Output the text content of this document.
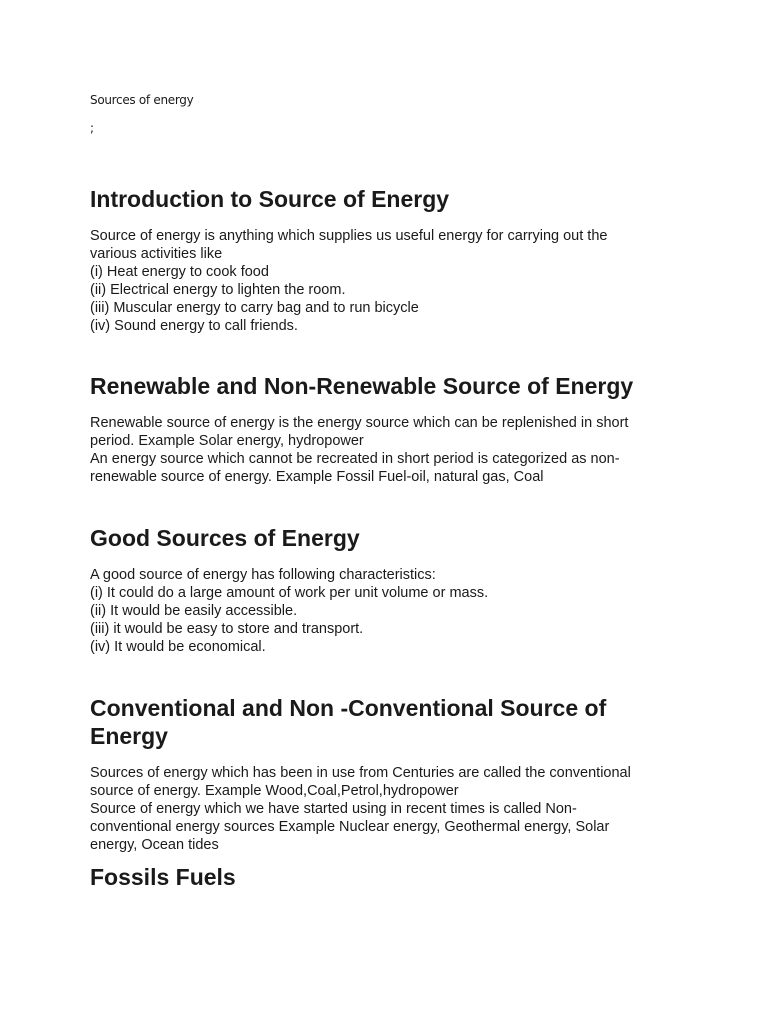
Sources of energy
;
Introduction to Source of Energy

Source of energy is anything which supplies us useful energy for carrying out the
various activities like
(i) Heat energy to cook food
(ii) Electrical energy to lighten the room.
(iii) Muscular energy to carry bag and to run bicycle
(iv) Sound energy to call friends.

Renewable and Non-Renewable Source of Energy

Renewable source of energy is the energy source which can be replenished in short
period. Example Solar energy, hydropower
An energy source which cannot be recreated in short period is categorized as non-
renewable source of energy. Example Fossil Fuel-oil, natural gas, Coal

Good Sources of Energy

A good source of energy has following characteristics:
(i) It could do a large amount of work per unit volume or mass.
(ii) It would be easily accessible.
(iii) it would be easy to store and transport.
(iv) It would be economical.

Conventional and Non -Conventional Source of
Energy

Sources of energy which has been in use from Centuries are called the conventional
source of energy. Example Wood,Coal,Petrol,hydropower
Source of energy which we have started using in recent times is called Non-
conventional energy sources Example Nuclear energy, Geothermal energy, Solar
energy, Ocean tides

Fossils Fuels
